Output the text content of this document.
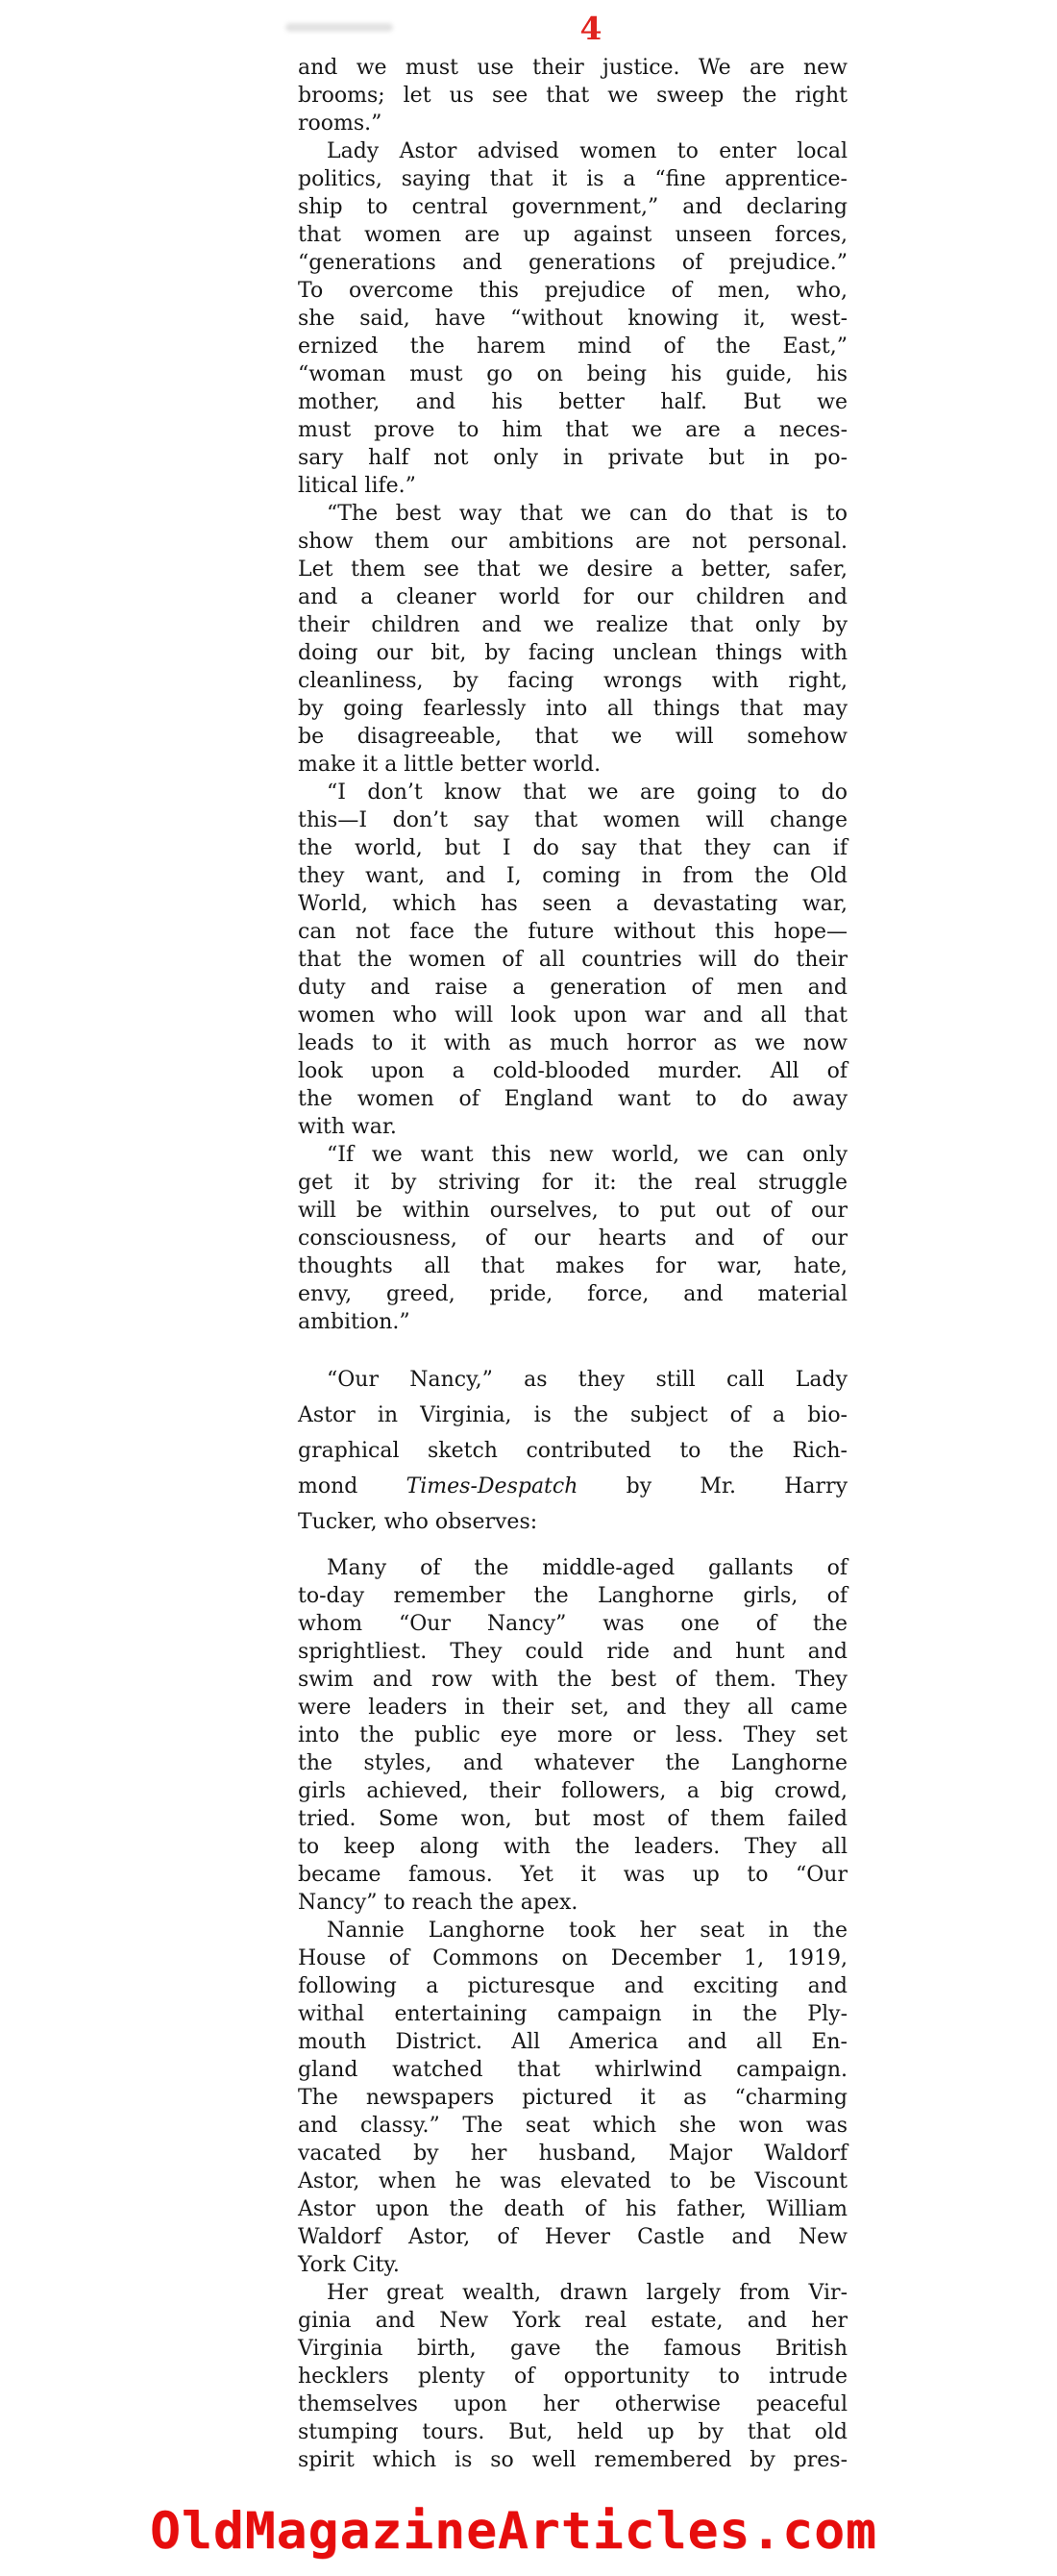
4
and we must use their justice. We are new
brooms; let us see that we sweep the right
rooms.”
Lady Astor advised women to enter local
politics, saying that it is a “fine apprentice-
ship to central government,” and declaring
that women are up against unseen forces,
“generations and generations of prejudice.”
To overcome this prejudice of men, who,
she said, have “without knowing it, west-
ernized the harem mind of the East,”
“woman must go on being his guide, his
mother, and his better half. But we
must prove to him that we are a neces-
sary half not only in private but in po-
litical life.”
“The best way that we can do that is to
show them our ambitions are not personal.
Let them see that we desire a better, safer,
and a cleaner world for our children and
their children and we realize that only by
doing our bit, by facing unclean things with
cleanliness, by facing wrongs with right,
by going fearlessly into all things that may
be disagreeable, that we will somehow
make it a little better world.
“I don’t know that we are going to do
this—I don’t say that women will change
the world, but I do say that they can if
they want, and I, coming in from the Old
World, which has seen a devastating war,
can not face the future without this hope—
that the women of all countries will do their
duty and raise a generation of men and
women who will look upon war and all that
leads to it with as much horror as we now
look upon a cold-blooded murder. All of
the women of England want to do away
with war.
“If we want this new world, we can only
get it by striving for it: the real struggle
will be within ourselves, to put out of our
consciousness, of our hearts and of our
thoughts all that makes for war, hate,
envy, greed, pride, force, and material
ambition.”
“Our Nancy,” as they still call Lady
Astor in Virginia, is the subject of a bio-
graphical sketch contributed to the Rich-
mond Times-Despatch by Mr. Harry
Tucker, who observes:
Many of the middle-aged gallants of
to-day remember the Langhorne girls, of
whom “Our Nancy” was one of the
sprightliest. They could ride and hunt and
swim and row with the best of them. They
were leaders in their set, and they all came
into the public eye more or less. They set
the styles, and whatever the Langhorne
girls achieved, their followers, a big crowd,
tried. Some won, but most of them failed
to keep along with the leaders. They all
became famous. Yet it was up to “Our
Nancy” to reach the apex.
Nannie Langhorne took her seat in the
House of Commons on December 1, 1919,
following a picturesque and exciting and
withal entertaining campaign in the Ply-
mouth District. All America and all En-
gland watched that whirlwind campaign.
The newspapers pictured it as “charming
and classy.” The seat which she won was
vacated by her husband, Major Waldorf
Astor, when he was elevated to be Viscount
Astor upon the death of his father, William
Waldorf Astor, of Hever Castle and New
York City.
Her great wealth, drawn largely from Vir-
ginia and New York real estate, and her
Virginia birth, gave the famous British
hecklers plenty of opportunity to intrude
themselves upon her otherwise peaceful
stumping tours. But, held up by that old
spirit which is so well remembered by pres-
OldMagazineArticles.com
